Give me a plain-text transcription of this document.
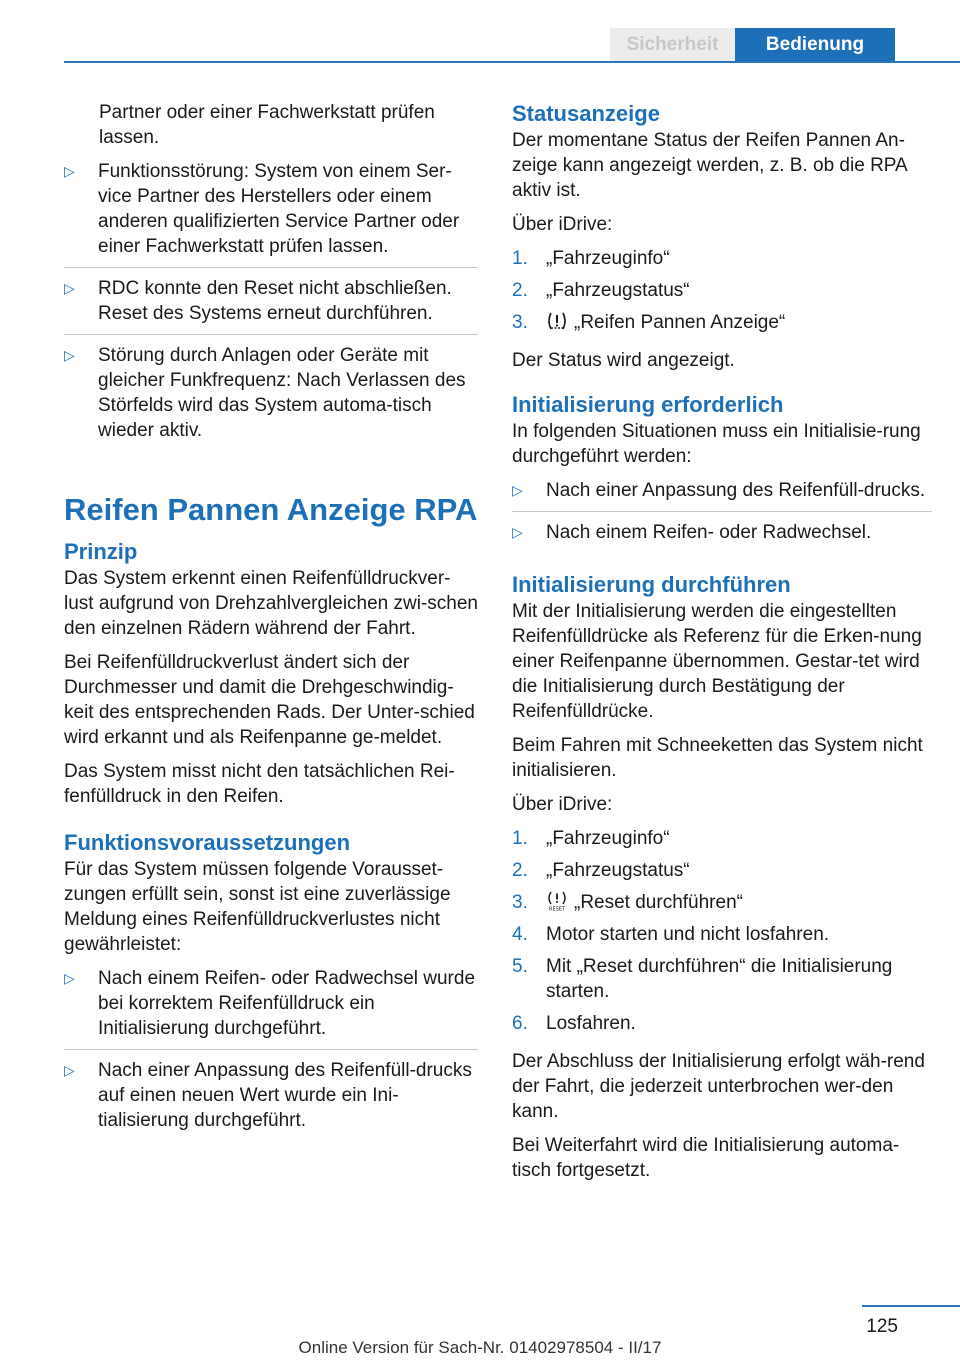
Sicherheit	Bedienung

Partner oder einer Fachwerkstatt prüfen lassen.

▷ Funktionsstörung: System von einem Ser‐vice Partner des Herstellers oder einem anderen qualifizierten Service Partner oder einer Fachwerkstatt prüfen lassen.
▷ RDC konnte den Reset nicht abschließen. Reset des Systems erneut durchführen.
▷ Störung durch Anlagen oder Geräte mit gleicher Funkfrequenz: Nach Verlassen des Störfelds wird das System automa‐tisch wieder aktiv.
Reifen Pannen Anzeige RPA
Prinzip

Das System erkennt einen Reifenfülldruckver‐lust aufgrund von Drehzahlvergleichen zwi‐schen den einzelnen Rädern während der Fahrt.

Bei Reifenfülldruckverlust ändert sich der Durchmesser und damit die Drehgeschwindig‐keit des entsprechenden Rads. Der Unter‐schied wird erkannt und als Reifenpanne ge‐meldet.

Das System misst nicht den tatsächlichen Rei‐fenfülldruck in den Reifen.

Funktionsvoraussetzungen

Für das System müssen folgende Vorausset‐zungen erfüllt sein, sonst ist eine zuverlässige Meldung eines Reifenfülldruckverlustes nicht gewährleistet:

▷ Nach einem Reifen- oder Radwechsel wurde bei korrektem Reifenfülldruck ein Initialisierung durchgeführt.
▷ Nach einer Anpassung des Reifenfüll‐drucks auf einen neuen Wert wurde ein Ini‐tialisierung durchgeführt.
Statusanzeige

Der momentane Status der Reifen Pannen An‐zeige kann angezeigt werden, z. B. ob die RPA aktiv ist.

Über iDrive:

1. „Fahrzeuginfo“
2. „Fahrzeugstatus“
3. „Reifen Pannen Anzeige“

Der Status wird angezeigt.

Initialisierung erforderlich

In folgenden Situationen muss ein Initialisie‐rung durchgeführt werden:

▷ Nach einer Anpassung des Reifenfüll‐drucks.
▷ Nach einem Reifen- oder Radwechsel.
Initialisierung durchführen

Mit der Initialisierung werden die eingestellten Reifenfülldrücke als Referenz für die Erken‐nung einer Reifenpanne übernommen. Gestar‐tet wird die Initialisierung durch Bestätigung der Reifenfülldrücke.

Beim Fahren mit Schneeketten das System nicht initialisieren.

Über iDrive:

1. „Fahrzeuginfo“
2. „Fahrzeugstatus“
3.	RESET „Reset durchführen“
4. Motor starten und nicht losfahren.
5. Mit „Reset durchführen“ die Initialisierung starten.
6. Losfahren.

Der Abschluss der Initialisierung erfolgt wäh‐rend der Fahrt, die jederzeit unterbrochen wer‐den kann.

Bei Weiterfahrt wird die Initialisierung automa‐tisch fortgesetzt.

125
Online Version für Sach-Nr. 01402978504 - II/17
